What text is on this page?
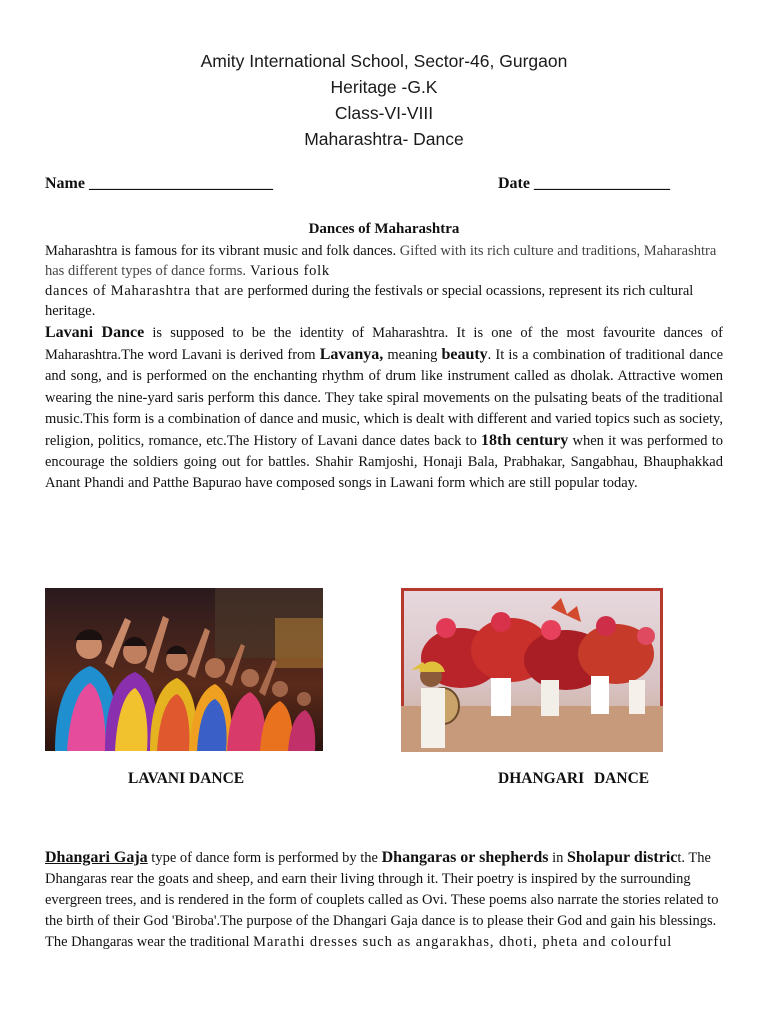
Amity International School, Sector-46, Gurgaon
Heritage -G.K
Class-VI-VIII
Maharashtra- Dance
Name _______________________	Date _________________
Dances of Maharashtra
Maharashtra is famous for its vibrant music and folk dances. Gifted with its rich culture and traditions, Maharashtra has different types of dance forms. Various folk
dances of Maharashtra that are performed during the festivals or special ocassions, represent its rich cultural heritage.
Lavani Dance is supposed to be the identity of Maharashtra. It is one of the most favourite dances of Maharashtra.The word Lavani is derived from Lavanya, meaning beauty. It is a combination of traditional dance and song, and is performed on the enchanting rhythm of drum like instrument called as dholak. Attractive women wearing the nine-yard saris perform this dance. They take spiral movements on the pulsating beats of the traditional music.This form is a combination of dance and music, which is dealt with different and varied topics such as society, religion, politics, romance, etc.The History of Lavani dance dates back to 18th century when it was performed to encourage the soldiers going out for battles. Shahir Ramjoshi, Honaji Bala, Prabhakar, Sangabhau, Bhauphakkad Anant Phandi and Patthe Bapurao have composed songs in Lawani form which are still popular today.
LAVANI DANCE	DHANGARI DANCE
Dhangari Gaja type of dance form is performed by the Dhangaras or shepherds in Sholapur district. The Dhangaras rear the goats and sheep, and earn their living through it. Their poetry is inspired by the surrounding evergreen trees, and is rendered in the form of couplets called as Ovi. These poems also narrate the stories related to the birth of their God 'Biroba'.The purpose of the Dhangari Gaja dance is to please their God and gain his blessings. The Dhangaras wear the traditional Marathi dresses such as angarakhas, dhoti, pheta and colourful
